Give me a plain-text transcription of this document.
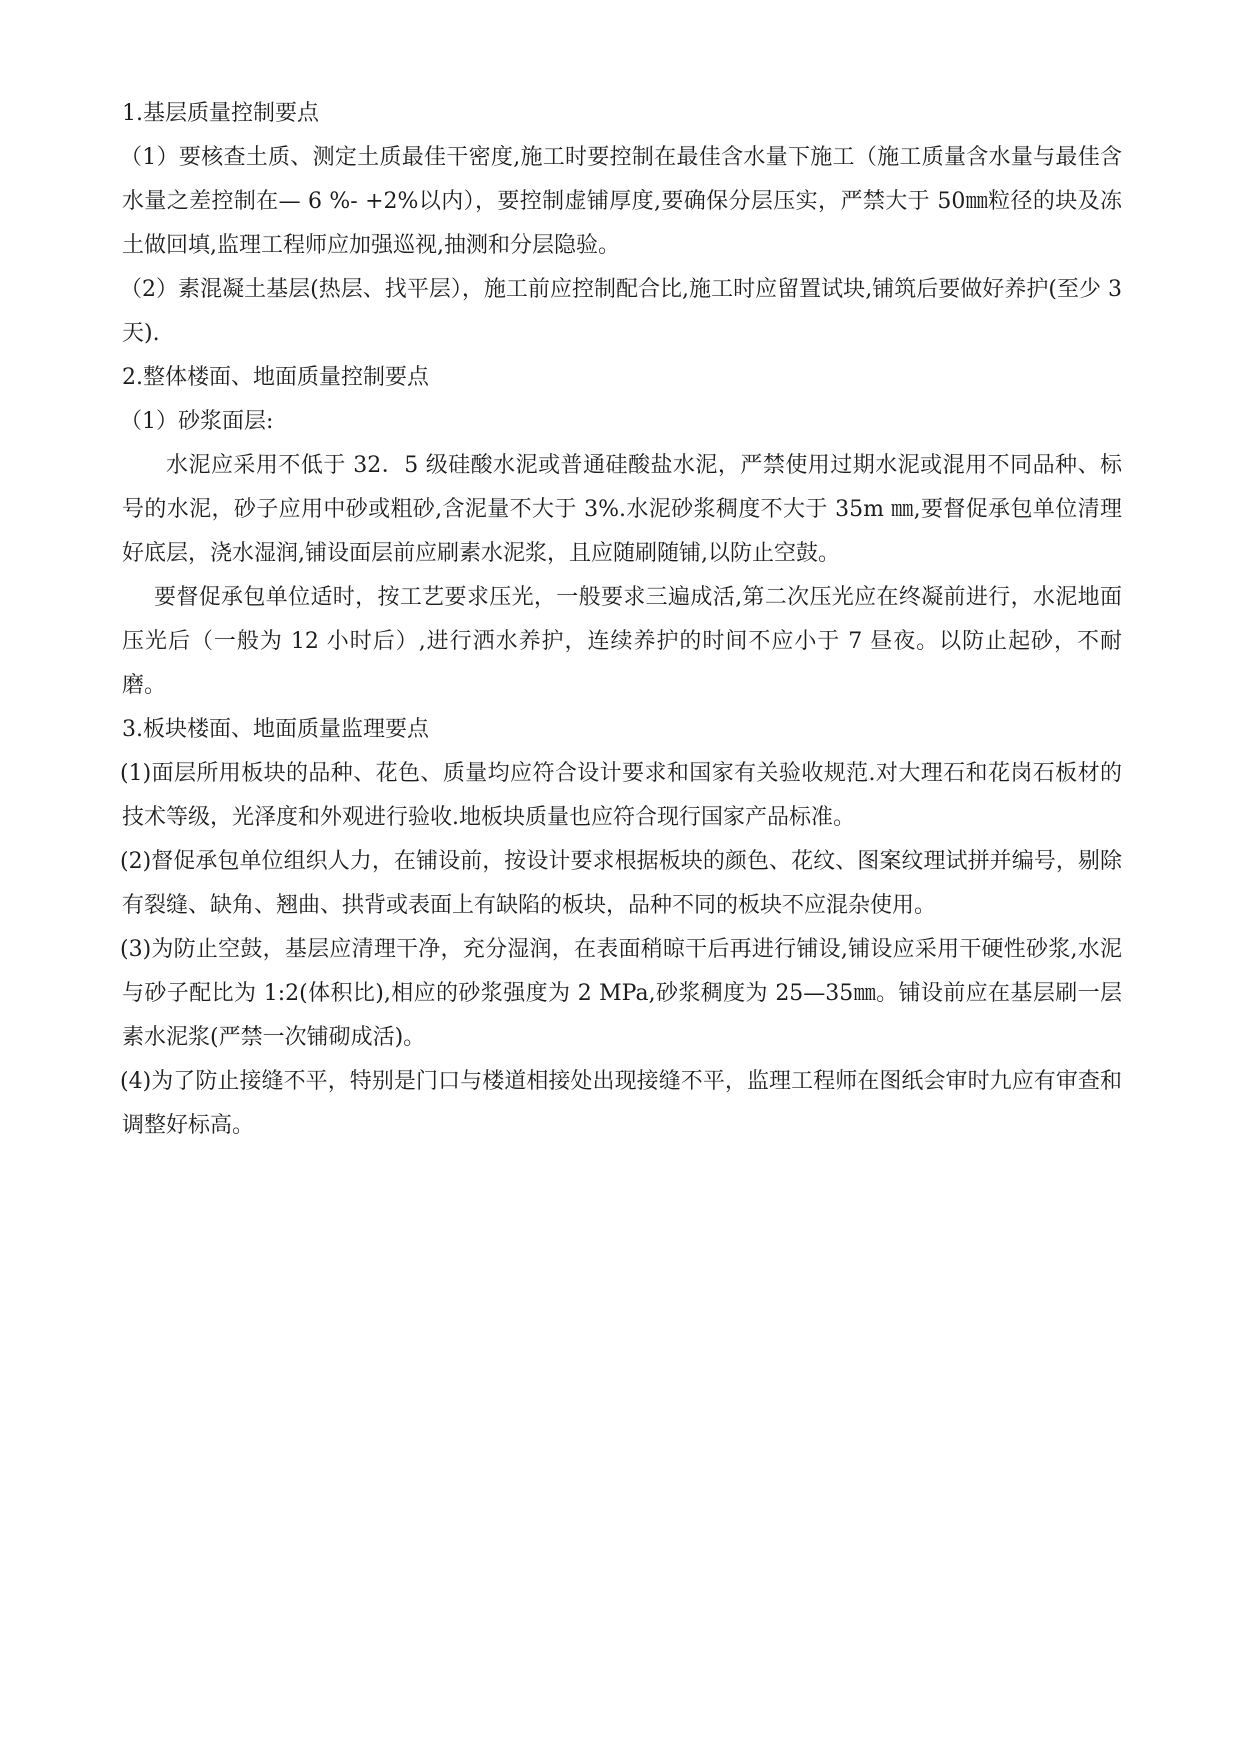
1.基层质量控制要点

（1）要核查土质、测定土质最佳干密度,施工时要控制在最佳含水量下施工（施工质量含水量与最佳含水量之差控制在— 6 %- +2%以内），要控制虚铺厚度,要确保分层压实，严禁大于 50㎜粒径的块及冻土做回填,监理工程师应加强巡视,抽测和分层隐验。

（2）素混凝土基层(热层、找平层），施工前应控制配合比,施工时应留置试块,铺筑后要做好养护(至少 3 天).

2.整体楼面、地面质量控制要点

（1）砂浆面层:

水泥应采用不低于 32．5 级硅酸水泥或普通硅酸盐水泥，严禁使用过期水泥或混用不同品种、标号的水泥，砂子应用中砂或粗砂,含泥量不大于 3%.水泥砂浆稠度不大于 35m ㎜,要督促承包单位清理好底层，浇水湿润,铺设面层前应刷素水泥浆，且应随刷随铺,以防止空鼓。

要督促承包单位适时，按工艺要求压光，一般要求三遍成活,第二次压光应在终凝前进行，水泥地面压光后（一般为 12 小时后）,进行洒水养护，连续养护的时间不应小于 7 昼夜。以防止起砂，不耐磨。

3.板块楼面、地面质量监理要点

(1)面层所用板块的品种、花色、质量均应符合设计要求和国家有关验收规范.对大理石和花岗石板材的技术等级，光泽度和外观进行验收.地板块质量也应符合现行国家产品标准。

(2)督促承包单位组织人力，在铺设前，按设计要求根据板块的颜色、花纹、图案纹理试拼并编号，剔除有裂缝、缺角、翘曲、拱背或表面上有缺陷的板块，品种不同的板块不应混杂使用。

(3)为防止空鼓，基层应清理干净，充分湿润，在表面稍晾干后再进行铺设,铺设应采用干硬性砂浆,水泥与砂子配比为 1:2(体积比),相应的砂浆强度为 2 MPa,砂浆稠度为 25—35㎜。铺设前应在基层刷一层素水泥浆(严禁一次铺砌成活)。

(4)为了防止接缝不平，特别是门口与楼道相接处出现接缝不平，监理工程师在图纸会审时九应有审查和调整好标高。
